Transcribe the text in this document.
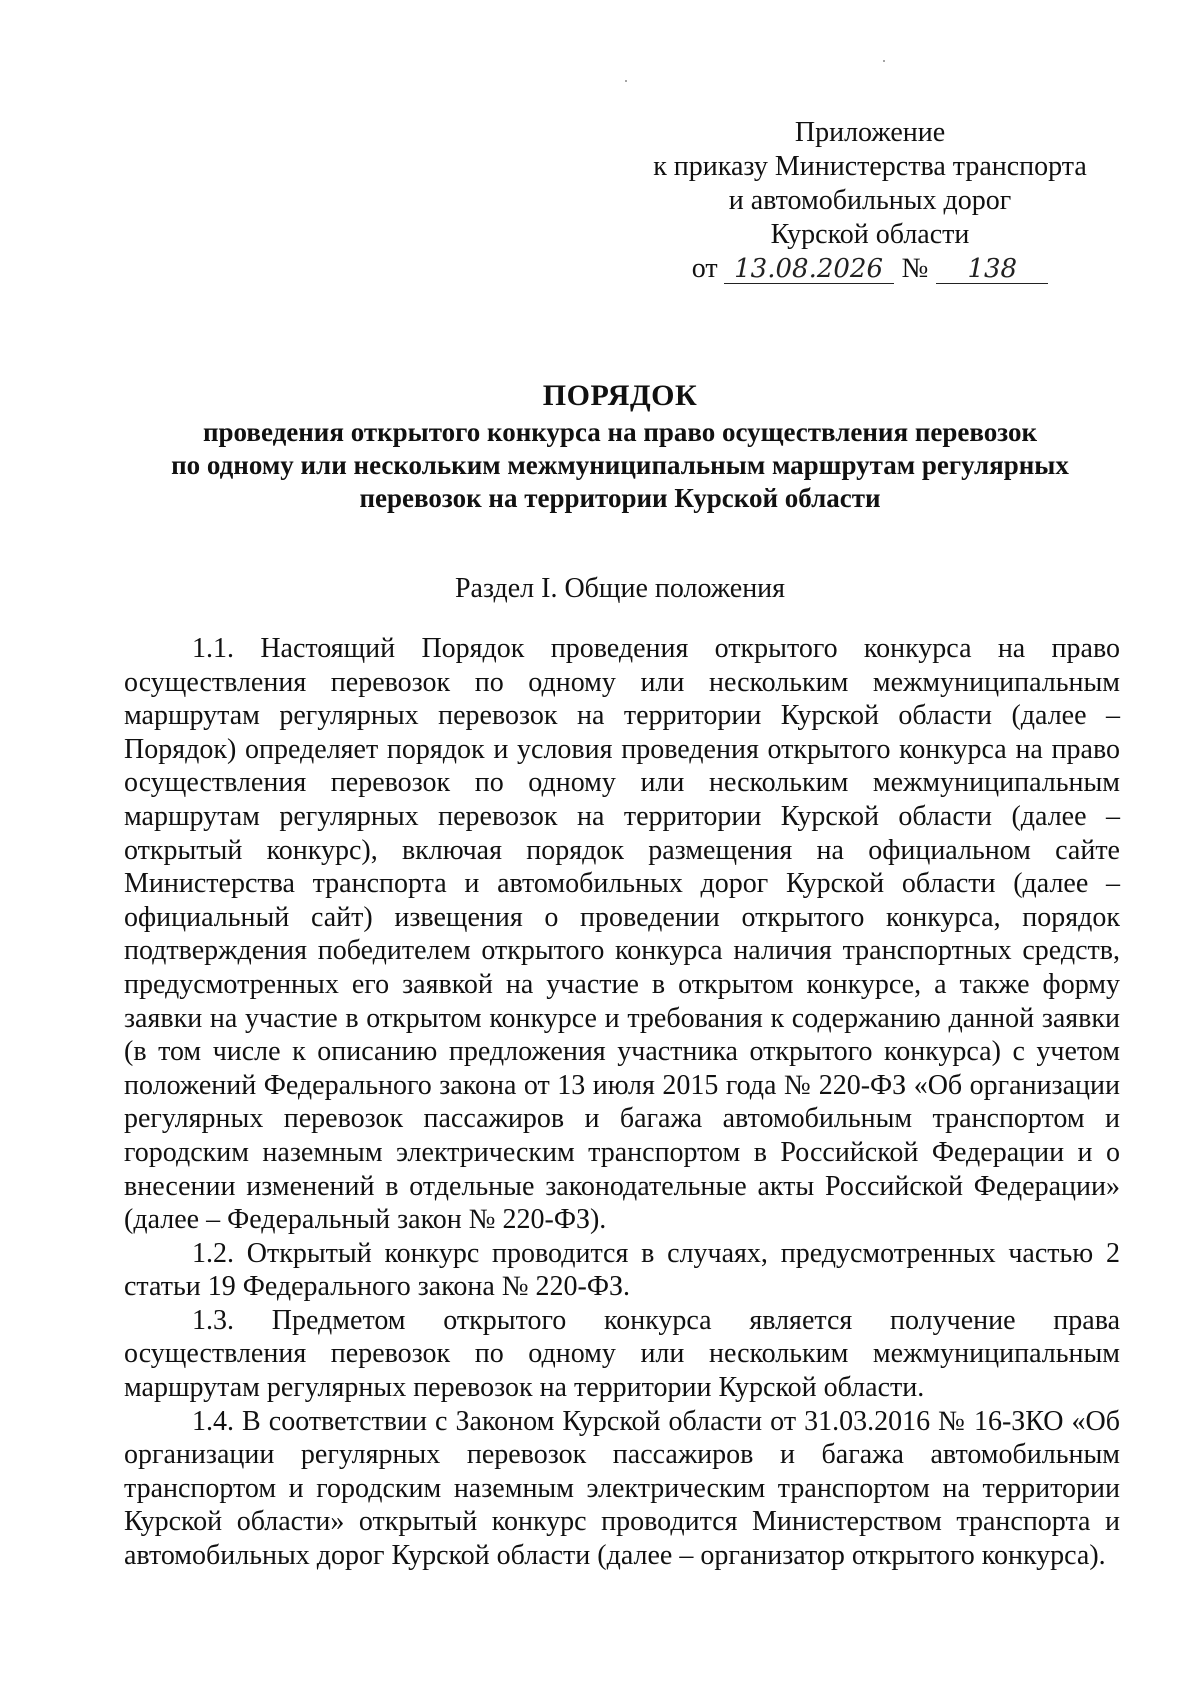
Приложение
к приказу Министерства транспорта
и автомобильных дорог
Курской области
от 13.08.2026 № 138
ПОРЯДОК
проведения открытого конкурса на право осуществления перевозок
по одному или нескольким межмуниципальным маршрутам регулярных
перевозок на территории Курской области
Раздел I. Общие положения

1.1. Настоящий Порядок проведения открытого конкурса на право осуществления перевозок по одному или нескольким межмуниципальным маршрутам регулярных перевозок на территории Курской области (далее – Порядок) определяет порядок и условия проведения открытого конкурса на право осуществления перевозок по одному или нескольким межмуниципальным маршрутам регулярных перевозок на территории Курской области (далее – открытый конкурс), включая порядок размещения на официальном сайте Министерства транспорта и автомобильных дорог Курской области (далее – официальный сайт) извещения о проведении открытого конкурса, порядок подтверждения победителем открытого конкурса наличия транспортных средств, предусмотренных его заявкой на участие в открытом конкурсе, а также форму заявки на участие в открытом конкурсе и требования к содержанию данной заявки (в том числе к описанию предложения участника открытого конкурса) с учетом положений Федерального закона от 13 июля 2015 года № 220-ФЗ «Об организации регулярных перевозок пассажиров и багажа автомобильным транспортом и городским наземным электрическим транспортом в Российской Федерации и о внесении изменений в отдельные законодательные акты Российской Федерации» (далее – Федеральный закон № 220-ФЗ).

1.2. Открытый конкурс проводится в случаях, предусмотренных частью 2 статьи 19 Федерального закона № 220-ФЗ.

1.3. Предметом открытого конкурса является получение права осуществления перевозок по одному или нескольким межмуниципальным маршрутам регулярных перевозок на территории Курской области.

1.4. В соответствии с Законом Курской области от 31.03.2016 № 16-ЗКО «Об организации регулярных перевозок пассажиров и багажа автомобильным транспортом и городским наземным электрическим транспортом на территории Курской области» открытый конкурс проводится Министерством транспорта и автомобильных дорог Курской области (далее – организатор открытого конкурса).
